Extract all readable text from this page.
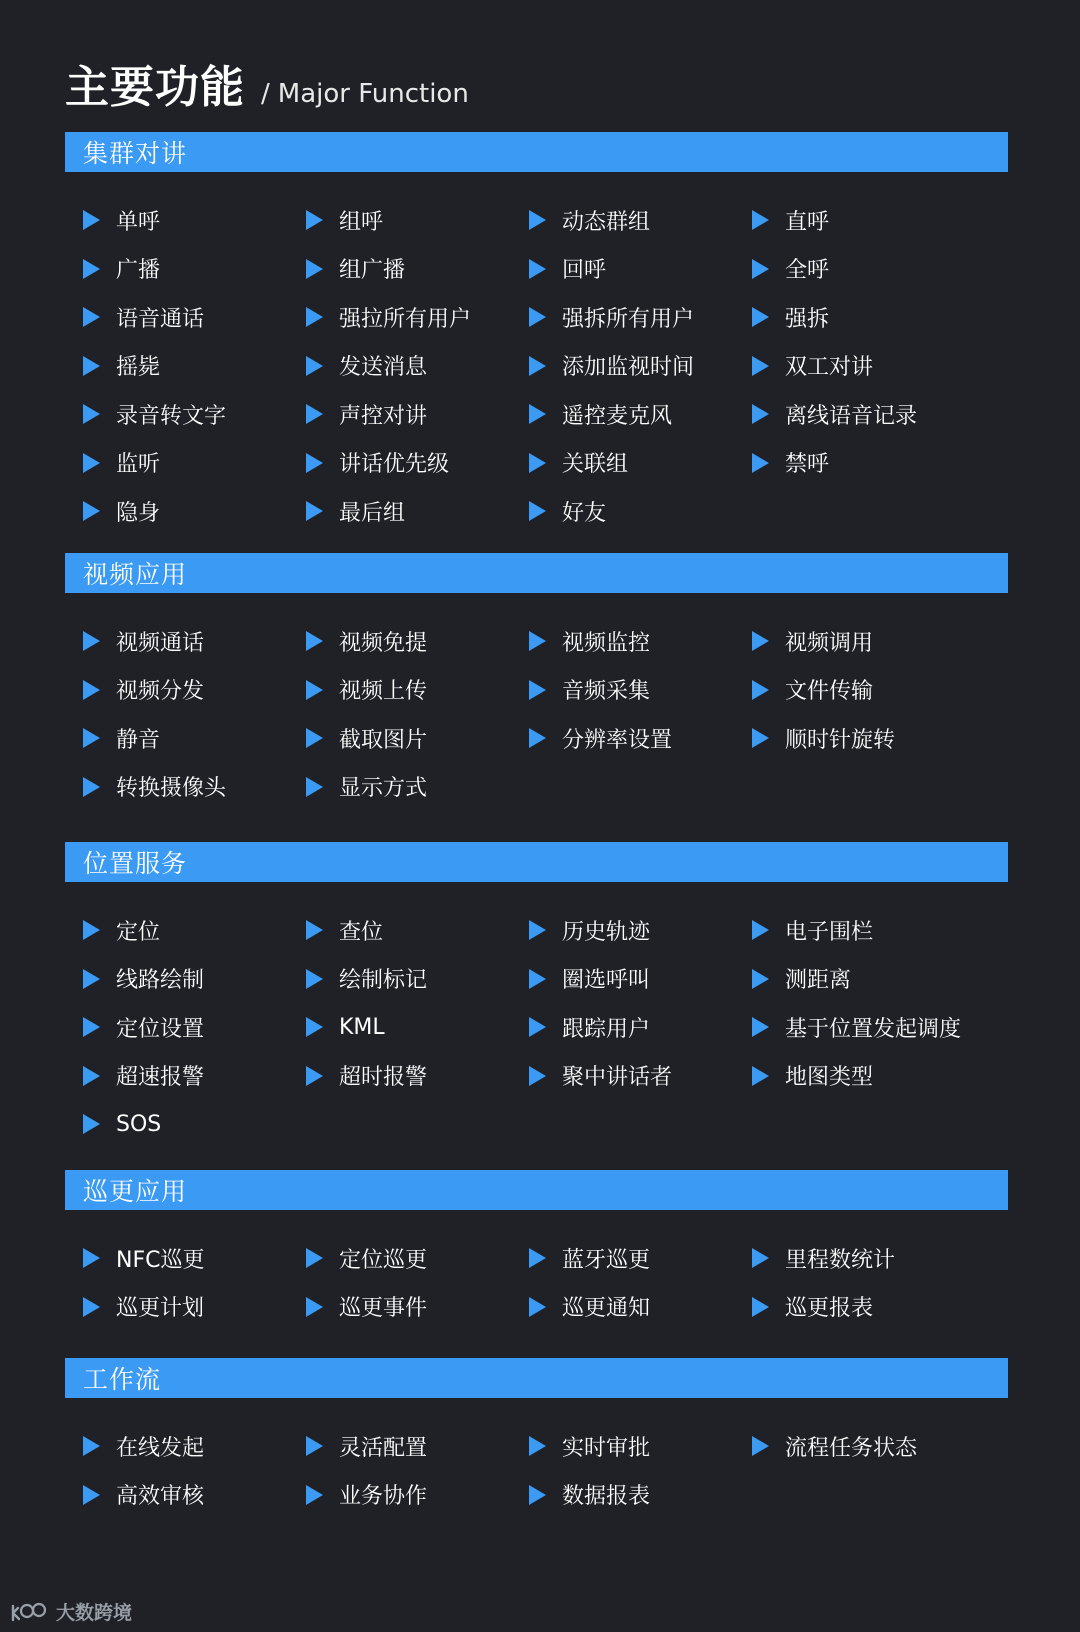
主要功能 / Major Function
集群对讲
单呼	组呼	动态群组	直呼
广播	组广播	回呼	全呼
语音通话	强拉所有用户	强拆所有用户	强拆
摇毙	发送消息	添加监视时间	双工对讲
录音转文字	声控对讲	遥控麦克风	离线语音记录
监听	讲话优先级	关联组	禁呼
隐身	最后组	好友
视频应用
视频通话	视频免提	视频监控	视频调用
视频分发	视频上传	音频采集	文件传输
静音	截取图片	分辨率设置	顺时针旋转
转换摄像头	显示方式
位置服务
定位	查位	历史轨迹	电子围栏
线路绘制	绘制标记	圈选呼叫	测距离
定位设置	KML	跟踪用户	基于位置发起调度
超速报警	超时报警	聚中讲话者	地图类型
SOS
巡更应用
NFC巡更	定位巡更	蓝牙巡更	里程数统计
巡更计划	巡更事件	巡更通知	巡更报表
工作流
在线发起	灵活配置	实时审批	流程任务状态
高效审核	业务协作	数据报表
大数跨境
